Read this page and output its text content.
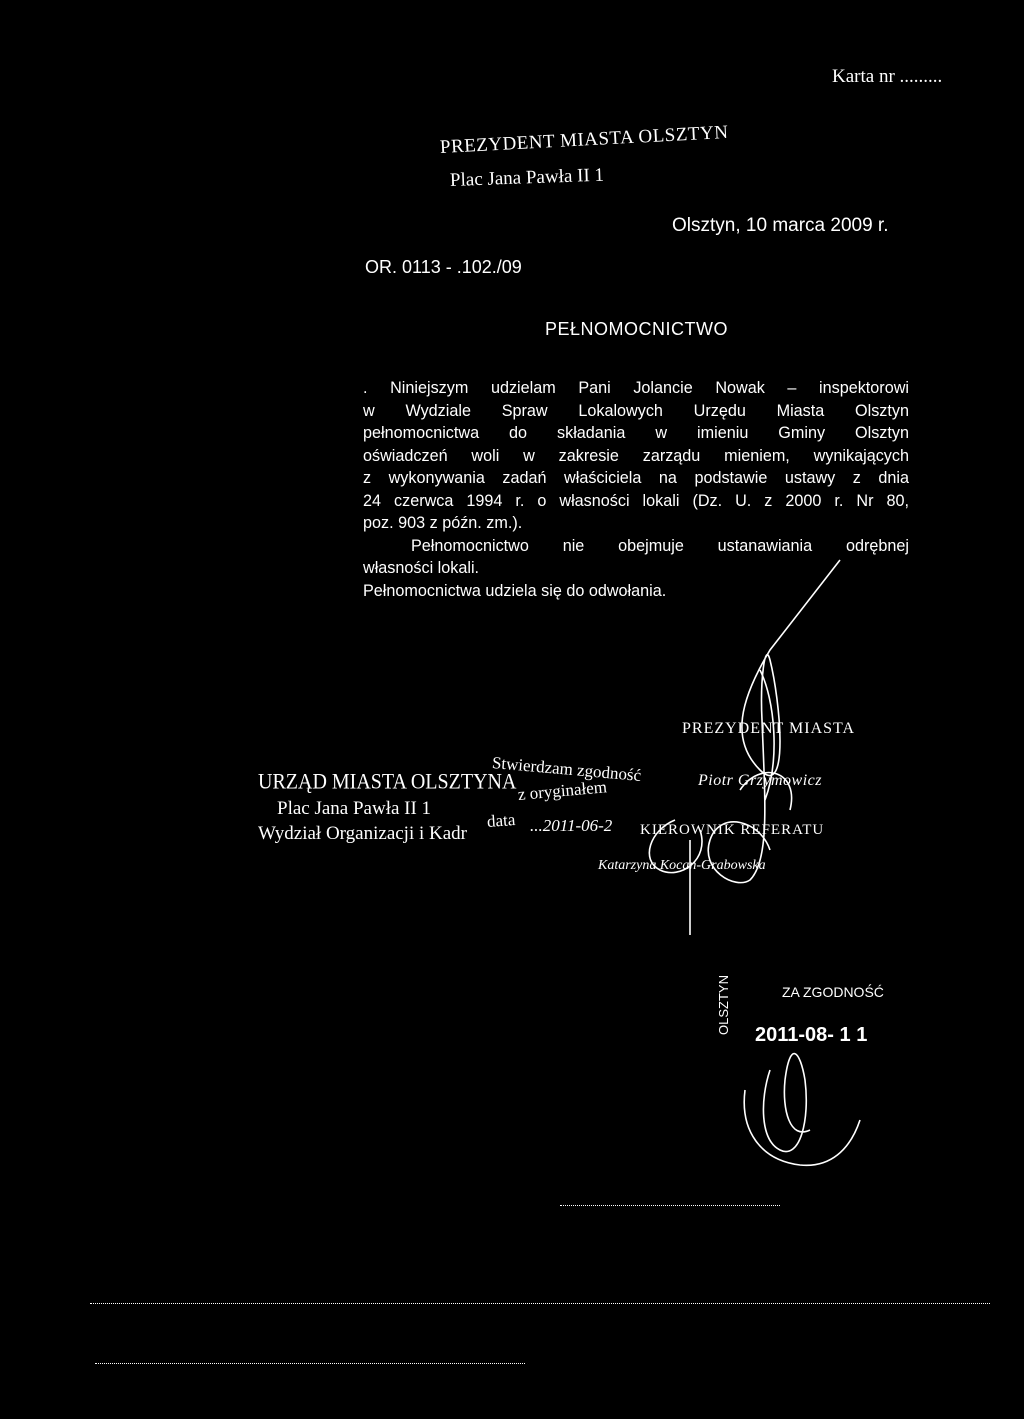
Karta nr .........
PREZYDENT MIASTA OLSZTYN
Plac Jana Pawła II 1
Olsztyn, 10 marca 2009 r.
OR. 0113 - .102./09
PEŁNOMOCNICTWO

. Niniejszym udzielam Pani Jolancie Nowak – inspektorowi

w Wydziale Spraw Lokalowych Urzędu Miasta Olsztyn

pełnomocnictwa do składania w imieniu Gminy Olsztyn

oświadczeń woli w zakresie zarządu mieniem, wynikających

z wykonywania zadań właściciela na podstawie ustawy z dnia

24 czerwca 1994 r. o własności lokali (Dz. U. z 2000 r. Nr 80,

poz. 903 z późn. zm.).

Pełnomocnictwo nie obejmuje ustanawiania odrębnej

własności lokali.

Pełnomocnictwa udziela się do odwołania.

URZĄD MIASTA OLSZTYNA
Plac Jana Pawła II 1
Wydział Organizacji i Kadr
Stwierdzam zgodność
z oryginałem
data ...2011-06-2
PREZYDENT MIASTA
Piotr Grzymowicz
KIEROWNIK REFERATU
Katarzyna Kocan-Grabowska
ZA ZGODNOŚĆ
2011-08- 1 1
OLSZTYN
